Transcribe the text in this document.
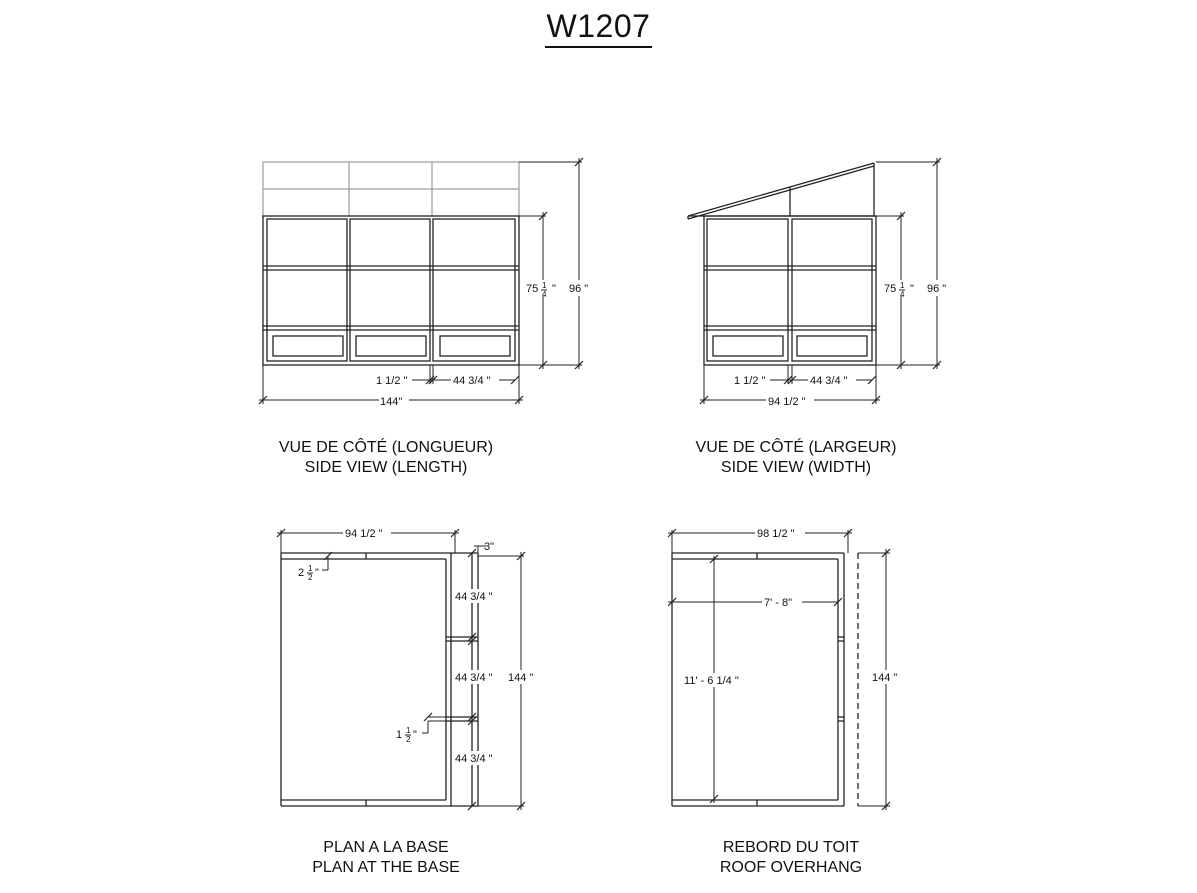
W1207
75 1
4 " 96 "
1 1/2 "	44 3/4 "
144"
75 1
4 " 96 "
1 1/2 "	44 3/4 "
94 1/2 "
94 1/2 "
3"
2 1
2 "
44 3/4 "
44 3/4 "
44 3/4 "
1 1
2 "
144 "
98 1/2 "
7' - 8"
11' - 6 1/4 "	144 "
VUE DE CÔTÉ (LONGUEUR)
SIDE VIEW (LENGTH)
VUE DE CÔTÉ (LARGEUR)
SIDE VIEW (WIDTH)
PLAN A LA BASE
PLAN AT THE BASE
REBORD DU TOIT
ROOF OVERHANG
